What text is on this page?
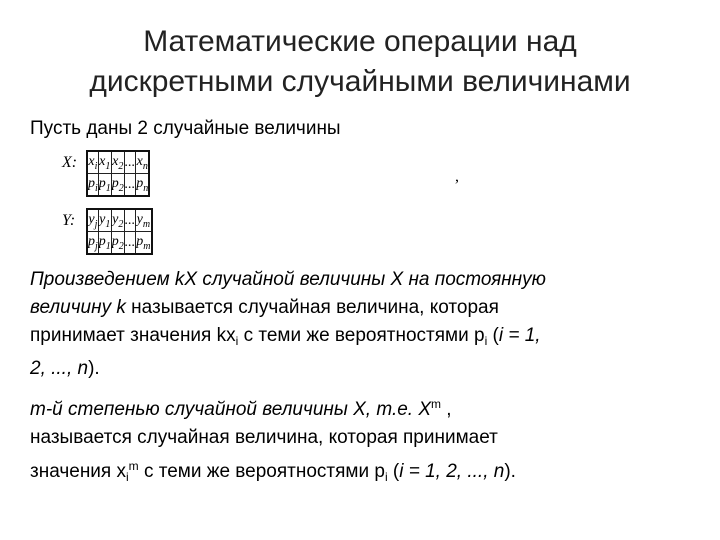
Математические операции над
дискретными случайными величинами
Пусть даны 2 случайные величины
X: $x_i$	$x_1$	$x_2$	...	$x_n$
$p_i$	$p_1$	$p_2$	...	$p_n$
,
Y: $y_j$	$y_1$	$y_2$	...	$y_m$
$p_j$	$p_1$	$p_2$	...	$p_m$
Произведением kX случайной величины X на постоянную
величину k называется случайная величина, которая
принимает значения $kx_i$ с теми же вероятностями $p_i$ (i = 1,
2, ..., n).
m-й степенью случайной величины X, т.е. $X^m$ ,
называется случайная величина, которая принимает
значения $x_i^m$ с теми же вероятностями $p_i$ (i = 1, 2, ..., n).
